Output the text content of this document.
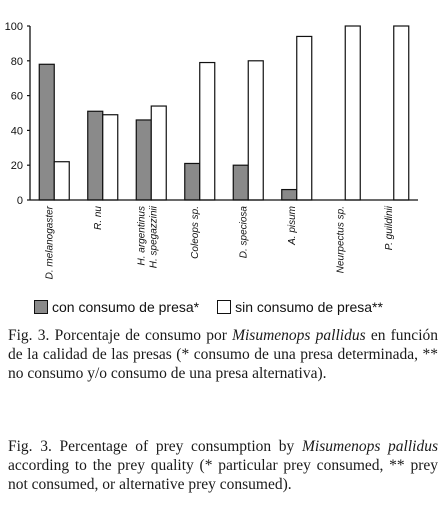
0
20
40
60
80
100
D. melanogaster	R. nu	H. argentinus H. spegazzinii	Coleops sp.	D. speciosa	A. pisum	Neurpectus sp.	P. guildinii
con consumo de presa*	sin consumo de presa**

Fig. 3. Porcentaje de consumo por Misumenops pallidus en función de la calidad de las presas (* consumo de una presa determinada, ** no consumo y/o consumo de una presa alternativa).

Fig. 3. Percentage of prey consumption by Misumenops pallidus according to the prey quality (* particular prey consumed, ** prey not consumed, or alternative prey consumed).
